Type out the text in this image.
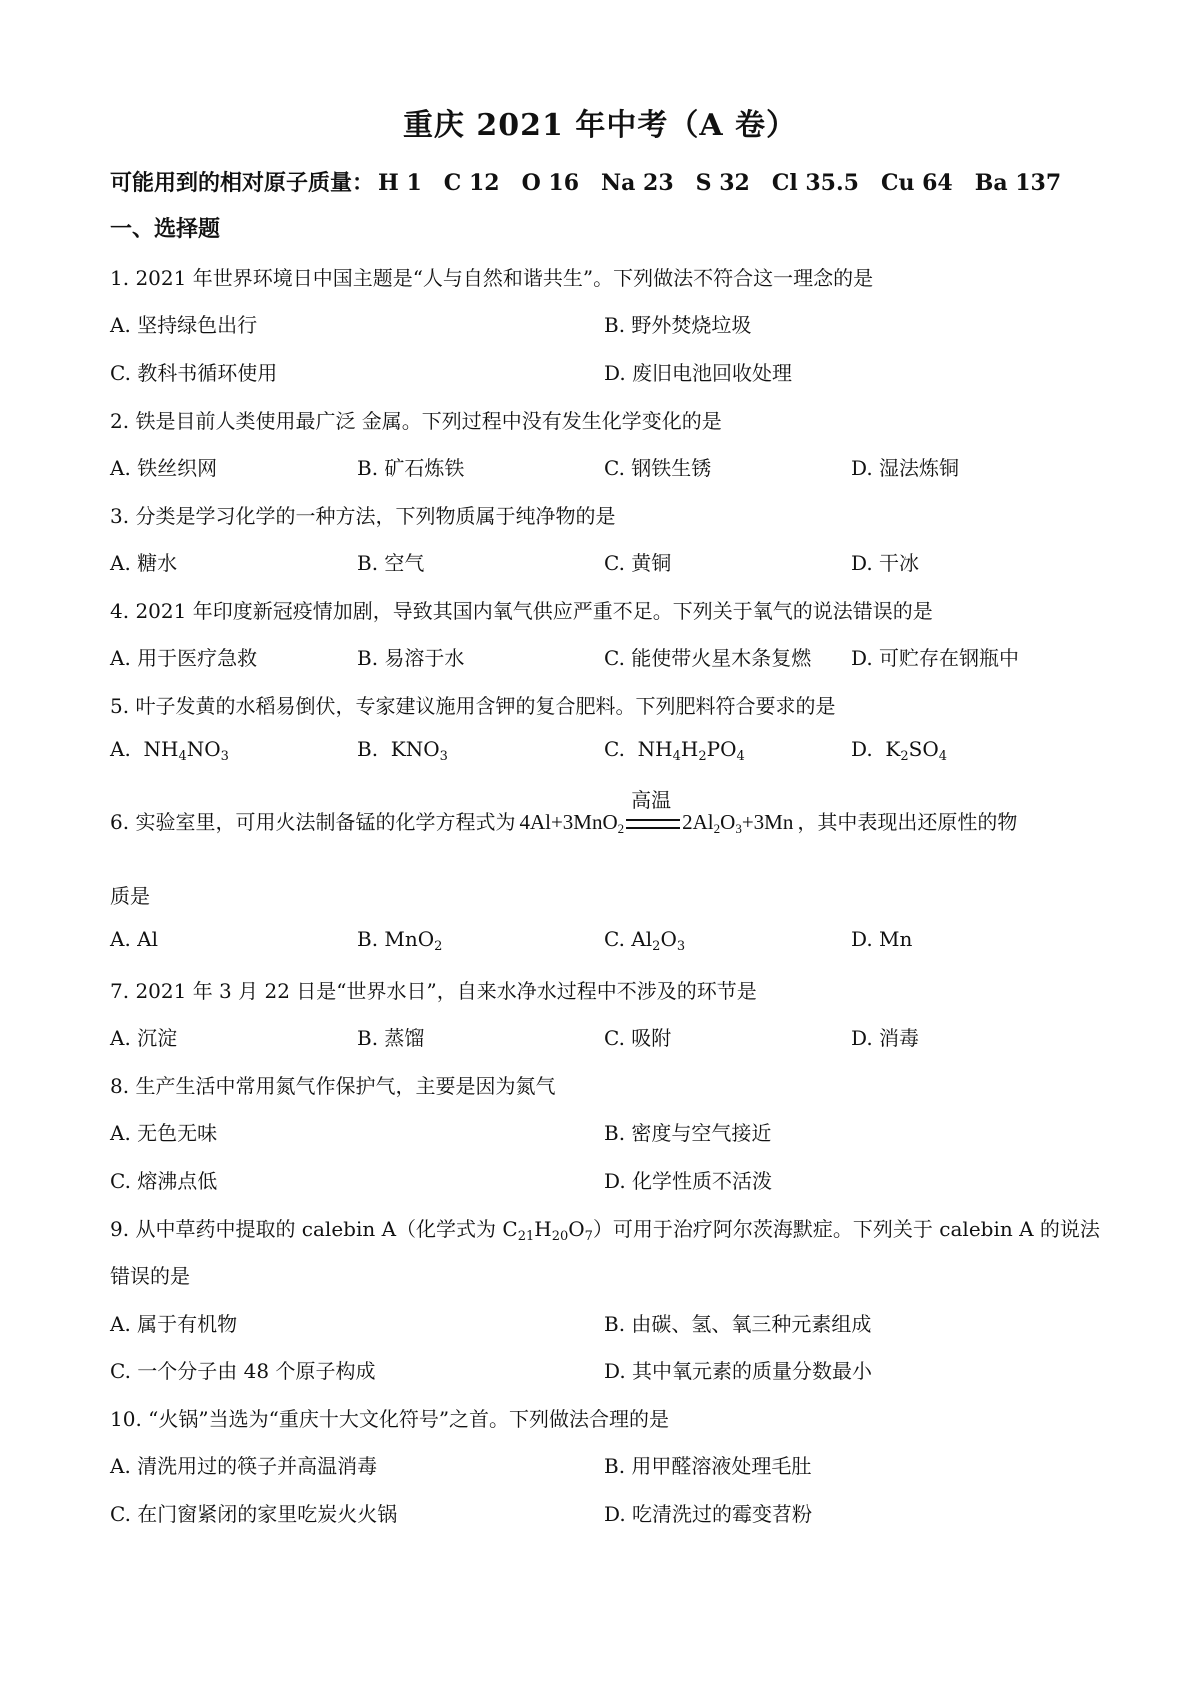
重庆 2021 年中考（A 卷）
可能用到的相对原子质量： H 1 C 12 O 16 Na 23 S 32 Cl 35.5 Cu 64 Ba 137
一、选择题
1. 2021 年世界环境日中国主题是“人与自然和谐共生”。下列做法不符合这一理念的是
A. 坚持绿色出行	B. 野外焚烧垃圾
C. 教科书循环使用	D. 废旧电池回收处理
2. 铁是目前人类使用最广泛 金属。下列过程中没有发生化学变化的是
A. 铁丝织网	B. 矿石炼铁	C. 钢铁生锈	D. 湿法炼铜
3. 分类是学习化学的一种方法，下列物质属于纯净物的是
A. 糖水	B. 空气	C. 黄铜	D. 干冰
4. 2021 年印度新冠疫情加剧，导致其国内氧气供应严重不足。下列关于氧气的说法错误的是
A. 用于医疗急救	B. 易溶于水	C. 能使带火星木条复燃 D. 可贮存在钢瓶中
5. 叶子发黄的水稻易倒伏，专家建议施用含钾的复合肥料。下列肥料符合要求的是
A.  $NH_4NO_3$	B.  $KNO_3$	C.  $NH_4H_2PO_4$	D.  $K_2SO_4$
6. 实验室里，可用火法制备锰的化学方程式为 4Al+3MnO$_2$
高温
$2Al_2O_3+3Mn$ ，其中表现出还原性的物
质是
A. Al	B. MnO$_2$	C. $Al_2O_3$	D. Mn
7. 2021 年 3 月 22 日是“世界水日”，自来水净水过程中不涉及的环节是
A. 沉淀	B. 蒸馏	C. 吸附	D. 消毒
8. 生产生活中常用氮气作保护气，主要是因为氮气
A. 无色无味	B. 密度与空气接近
C. 熔沸点低	D. 化学性质不活泼
9. 从中草药中提取的 calebin A（化学式为 $C_{21}H_{20}O_7$）可用于治疗阿尔茨海默症。下列关于 calebin A 的说法
错误的是
A. 属于有机物	B. 由碳、氢、氧三种元素组成
C. 一个分子由 48 个原子构成	D. 其中氧元素的质量分数最小
10. “火锅”当选为“重庆十大文化符号”之首。下列做法合理的是
A. 清洗用过的筷子并高温消毒	B. 用甲醛溶液处理毛肚
C. 在门窗紧闭的家里吃炭火火锅	D. 吃清洗过的霉变苕粉
